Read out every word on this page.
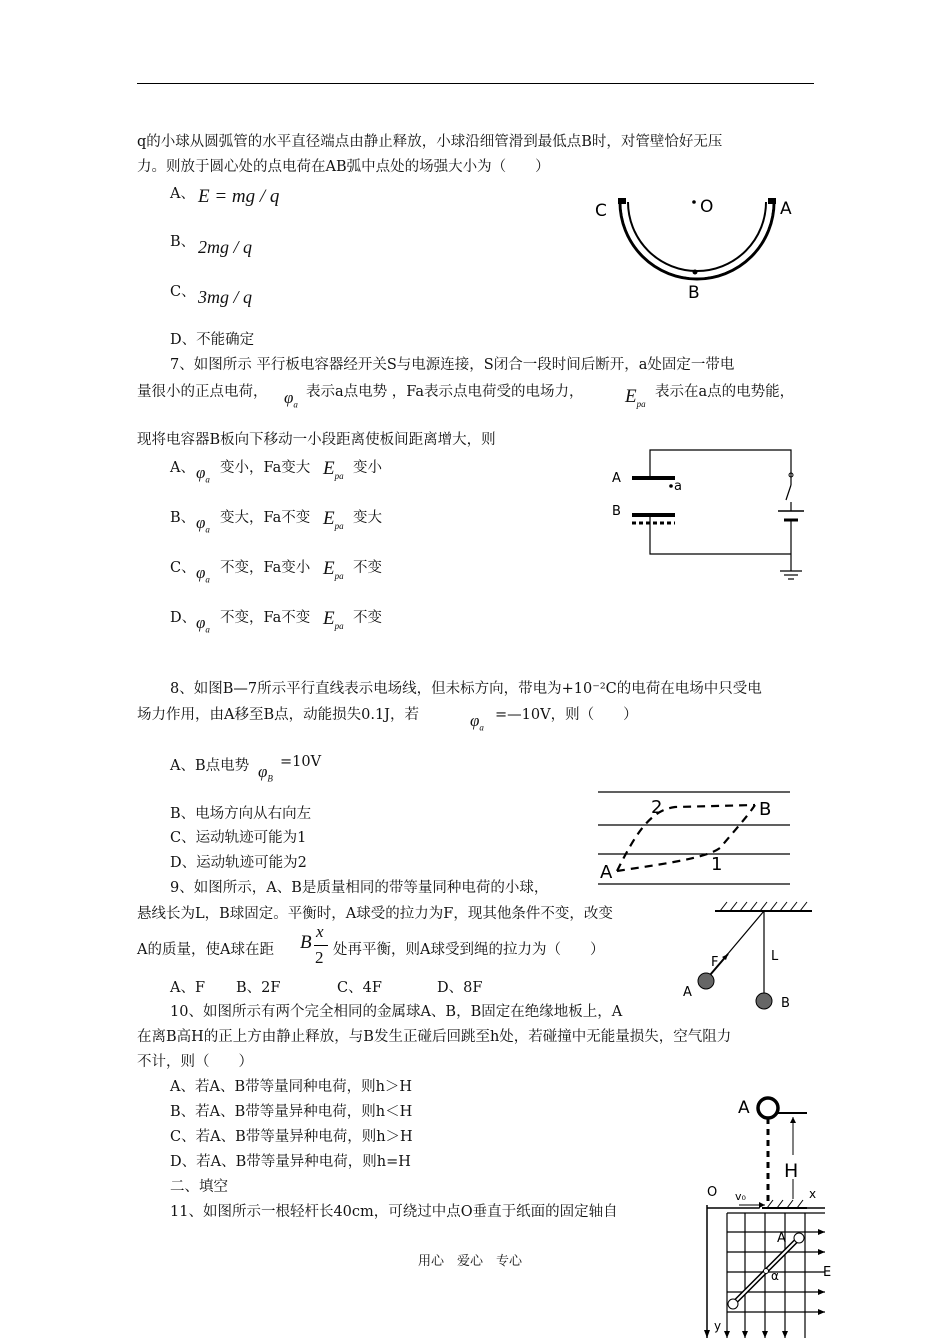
q的小球从圆弧管的水平直径端点由静止释放，小球沿细管滑到最低点B时，对管壁恰好无压
力。则放于圆心处的点电荷在AB弧中点处的场强大小为（　　）
A、 E = mg / q
B、 2mg / q
C、 3mg / q
D、不能确定
C	O	A
B
7、如图所示 平行板电容器经开关S与电源连接，S闭合一段时间后断开，a处固定一带电
量很小的正点电荷， $\varphi_a$
表示a点电势 ，Fa表示点电荷受的电场力， $E_{pa}$
表示在a点的电势能，
现将电容器B板向下移动一小段距离使板间距离增大，则
A、 $\varphi_a$
变小，Fa变大 $E_{pa}$ 变小
B、 $\varphi_a$
变大，Fa不变 $E_{pa}$ 变大
C、 $\varphi_a$
不变，Fa变小 $E_{pa}$ 不变
D、 $\varphi_a$
不变，Fa不变 $E_{pa}$ 不变
A
a
B
8、如图B—7所示平行直线表示电场线，但未标方向，带电为+10⁻²C的电荷在电场中只受电
场力作用，由A移至B点，动能损失0.1J，若	$\varphi_a$
=—10V，则（　　）
A、B点电势 $\varphi_B$
=10V
B、电场方向从右向左
C、运动轨迹可能为1
D、运动轨迹可能为2
2	B
A	1
9、如图所示，A、B是质量相同的带等量同种电荷的小球，
悬线长为L，B球固定。平衡时，A球受的拉力为F，现其他条件不变，改变
A的质量，使A球在距 B
x
2 处再平衡，则A球受到绳的拉力为（　　）
A、F B、2F	C、4F	D、8F
F	L
A
B
10、如图所示有两个完全相同的金属球A、B，B固定在绝缘地板上，A
在离B高H的正上方由静止释放，与B发生正碰后回跳至h处，若碰撞中无能量损失，空气阻力
不计，则（　　）
A、若A、B带等量同种电荷，则h＞H
B、若A、B带等量异种电荷，则h＜H
C、若A、B带等量异种电荷，则h＞H
D、若A、B带等量异种电荷，则h=H
A
H
二、填空
11、如图所示一根轻杆长40cm，可绕过中点O垂直于纸面的固定轴自
O v₀	x
A
α	E
y
用心　爱心　专心
